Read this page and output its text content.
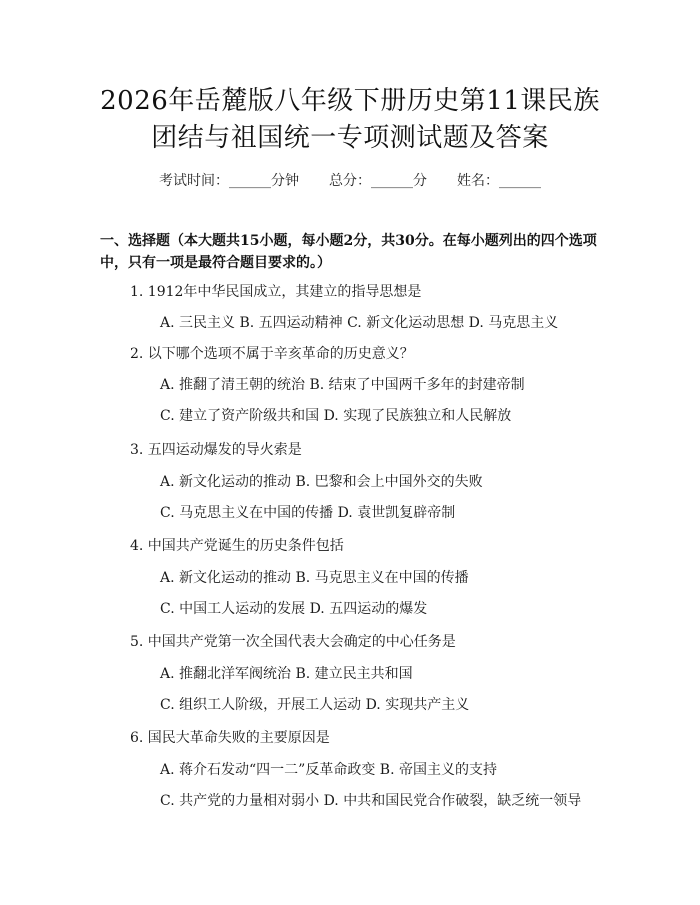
2026年岳麓版八年级下册历史第11课民族
团结与祖国统一专项测试题及答案
考试时间：______分钟 总分：______分 姓名：______
一、选择题（本大题共15小题，每小题2分，共30分。在每小题列出的四个选项中，只有一项是最符合题目要求的。）
1. 1912年中华民国成立，其建立的指导思想是
A. 三民主义 B. 五四运动精神 C. 新文化运动思想 D. 马克思主义
2. 以下哪个选项不属于辛亥革命的历史意义？
A. 推翻了清王朝的统治 B. 结束了中国两千多年的封建帝制
C. 建立了资产阶级共和国 D. 实现了民族独立和人民解放
3. 五四运动爆发的导火索是
A. 新文化运动的推动 B. 巴黎和会上中国外交的失败
C. 马克思主义在中国的传播 D. 袁世凯复辟帝制
4. 中国共产党诞生的历史条件包括
A. 新文化运动的推动 B. 马克思主义在中国的传播
C. 中国工人运动的发展 D. 五四运动的爆发
5. 中国共产党第一次全国代表大会确定的中心任务是
A. 推翻北洋军阀统治 B. 建立民主共和国
C. 组织工人阶级，开展工人运动 D. 实现共产主义
6. 国民大革命失败的主要原因是
A. 蒋介石发动“四一二”反革命政变 B. 帝国主义的支持
C. 共产党的力量相对弱小 D. 中共和国民党合作破裂，缺乏统一领导
